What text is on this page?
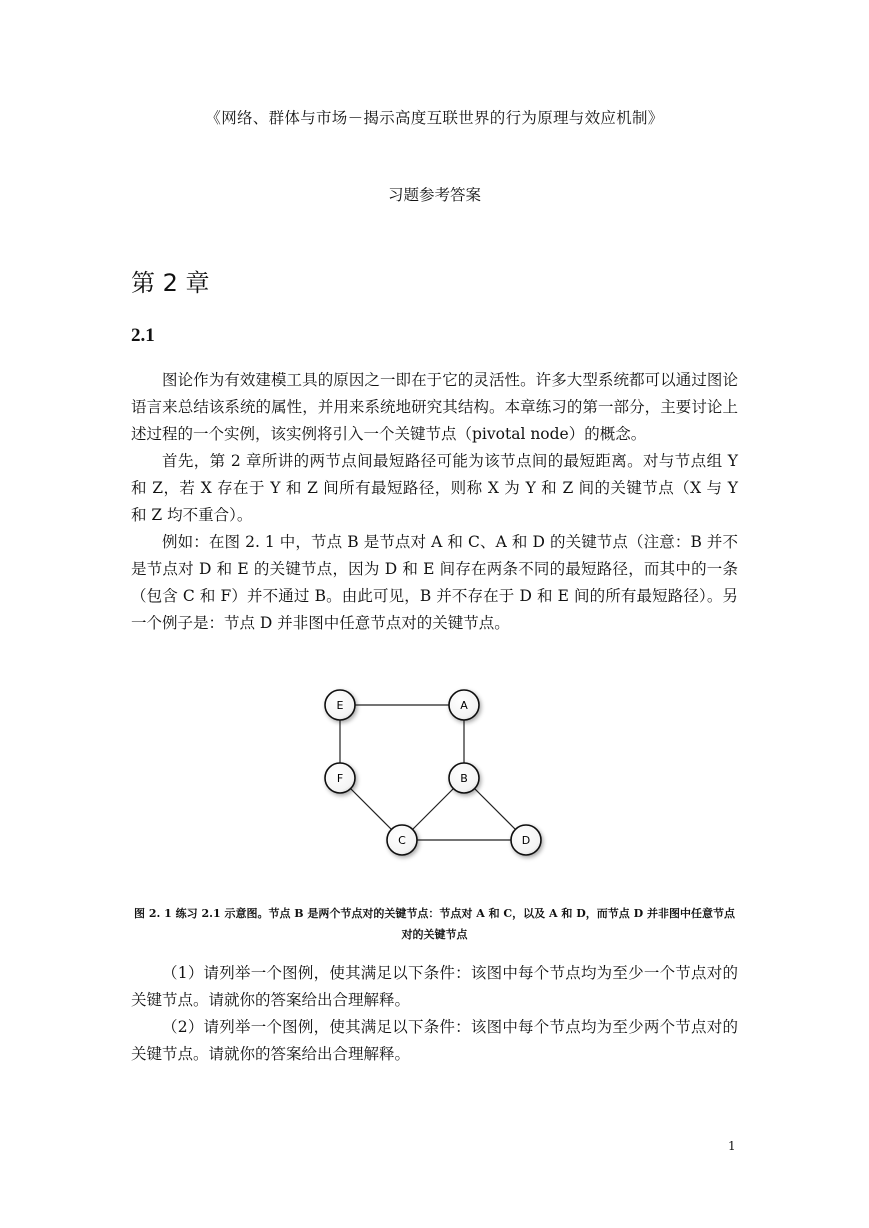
《网络、群体与市场－揭示高度互联世界的行为原理与效应机制》
习题参考答案
第 2 章
2.1

图论作为有效建模工具的原因之一即在于它的灵活性。许多大型系统都可以通过图论语言来总结该系统的属性，并用来系统地研究其结构。本章练习的第一部分，主要讨论上述过程的一个实例，该实例将引入一个关键节点（pivotal node）的概念。

首先，第 2 章所讲的两节点间最短路径可能为该节点间的最短距离。对与节点组 Y 和 Z，若 X 存在于 Y 和 Z 间所有最短路径，则称 X 为 Y 和 Z 间的关键节点（X 与 Y 和 Z 均不重合）。

例如：在图 2. 1 中，节点 B 是节点对 A 和 C、A 和 D 的关键节点（注意：B 并不是节点对 D 和 E 的关键节点，因为 D 和 E 间存在两条不同的最短路径，而其中的一条（包含 C 和 F）并不通过 B。由此可见，B 并不存在于 D 和 E 间的所有最短路径）。另一个例子是：节点 D 并非图中任意节点对的关键节点。

E	A
F	B
C	D
图 2. 1 练习 2.1 示意图。节点 B 是两个节点对的关键节点：节点对 A 和 C，以及 A 和 D，而节点 D 并非图中任意节点对的关键节点

（1）请列举一个图例，使其满足以下条件：该图中每个节点均为至少一个节点对的关键节点。请就你的答案给出合理解释。

（2）请列举一个图例，使其满足以下条件：该图中每个节点均为至少两个节点对的关键节点。请就你的答案给出合理解释。

1
